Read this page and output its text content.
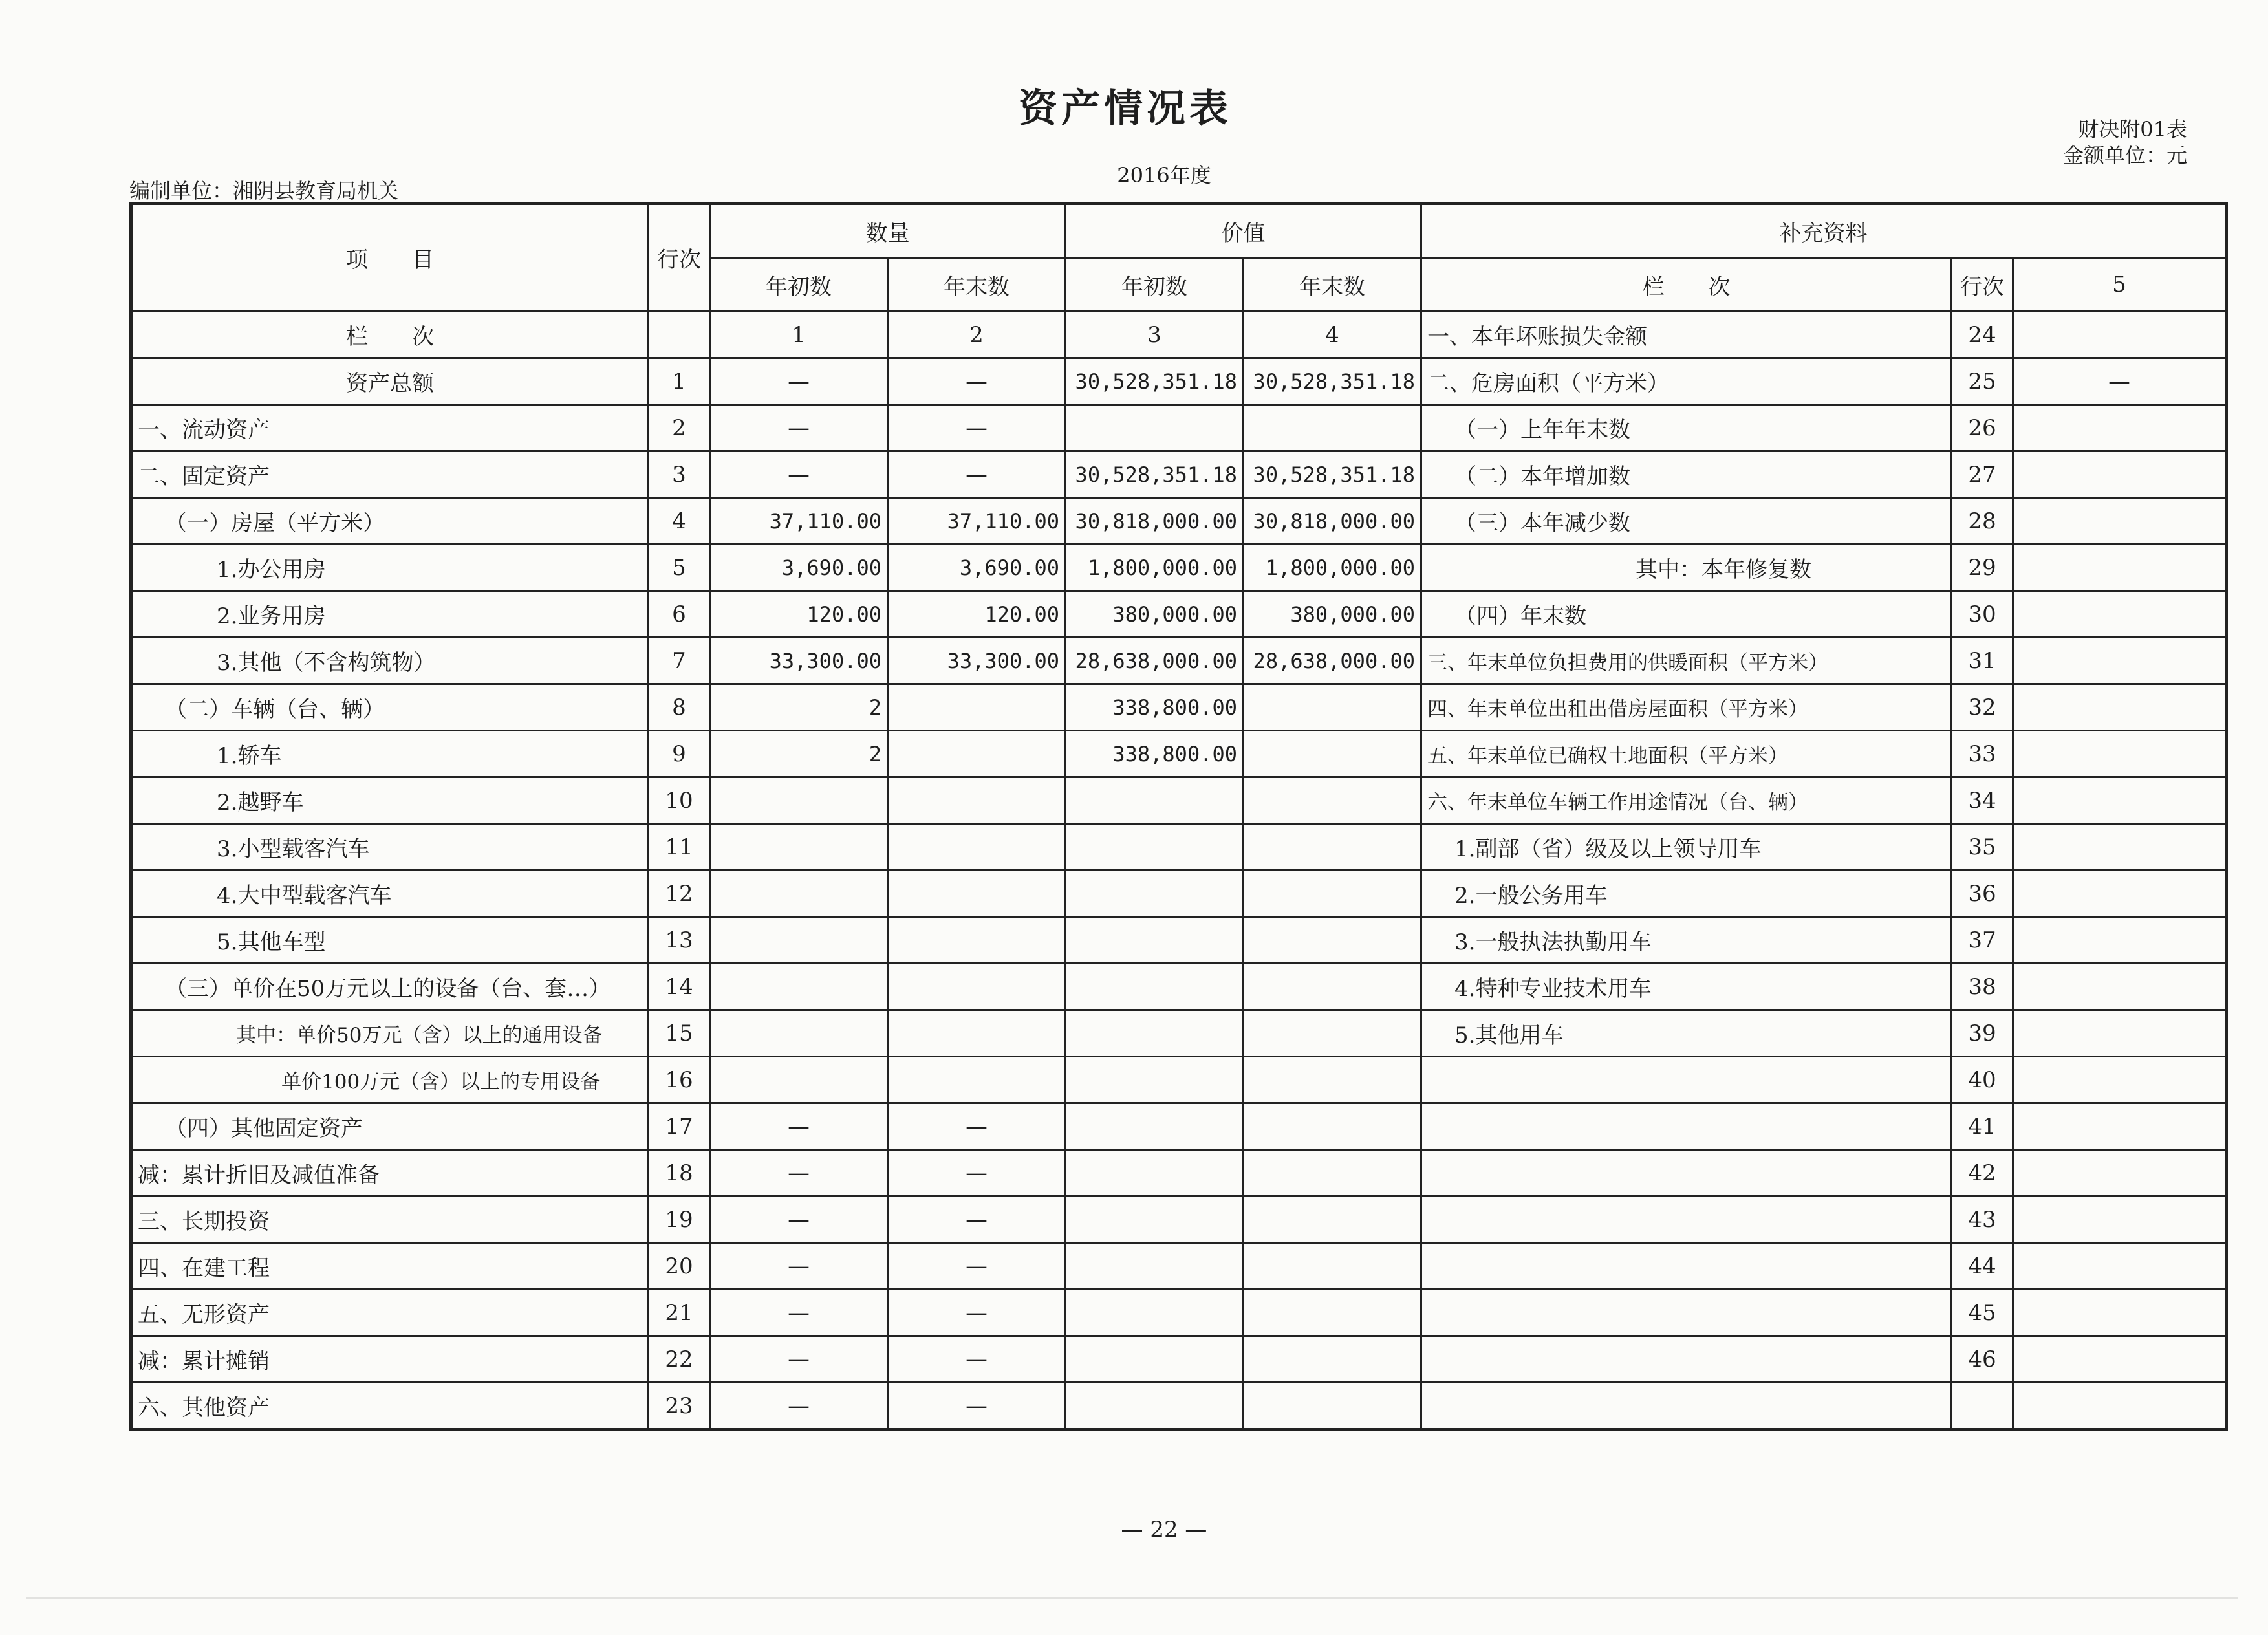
资产情况表	财决附01表
金额单位：元
2016年度
编制单位：湘阴县教育局机关
项　　目	行次	数量		价值		补充资料		
		年初数	年末数	年初数	年末数	栏　　次	行次	5
栏　　次		1	2	3	4	一、本年坏账损失金额	24	
资产总额	1	—	—	30,528,351.18	30,528,351.18	二、危房面积（平方米）	25	—
一、流动资产	2	—	—			（一）上年年末数	26	
二、固定资产	3	—	—	30,528,351.18	30,528,351.18	（二）本年增加数	27	
（一）房屋（平方米）	4	37,110.00	37,110.00	30,818,000.00	30,818,000.00	（三）本年减少数	28	
1.办公用房	5	3,690.00	3,690.00	1,800,000.00	1,800,000.00	其中：本年修复数	29	
2.业务用房	6	120.00	120.00	380,000.00	380,000.00	（四）年末数	30	
3.其他（不含构筑物）	7	33,300.00	33,300.00	28,638,000.00	28,638,000.00	三、年末单位负担费用的供暖面积（平方米）	31	
（二）车辆（台、辆）	8	2		338,800.00		四、年末单位出租出借房屋面积（平方米）	32	
1.轿车	9	2		338,800.00		五、年末单位已确权土地面积（平方米）	33	
2.越野车	10					六、年末单位车辆工作用途情况（台、辆）	34	
3.小型载客汽车	11					1.副部（省）级及以上领导用车	35	
4.大中型载客汽车	12					2.一般公务用车	36	
5.其他车型	13					3.一般执法执勤用车	37	
（三）单价在50万元以上的设备（台、套…）	14					4.特种专业技术用车	38	
其中：单价50万元（含）以上的通用设备	15					5.其他用车	39	
单价100万元（含）以上的专用设备	16						40	
（四）其他固定资产	17	—	—				41	
减：累计折旧及减值准备	18	—	—				42	
三、长期投资	19	—	—				43	
四、在建工程	20	—	—				44	
五、无形资产	21	—	—				45	
减：累计摊销	22	—	—				46	
六、其他资产	23	—	—					
— 22 —
